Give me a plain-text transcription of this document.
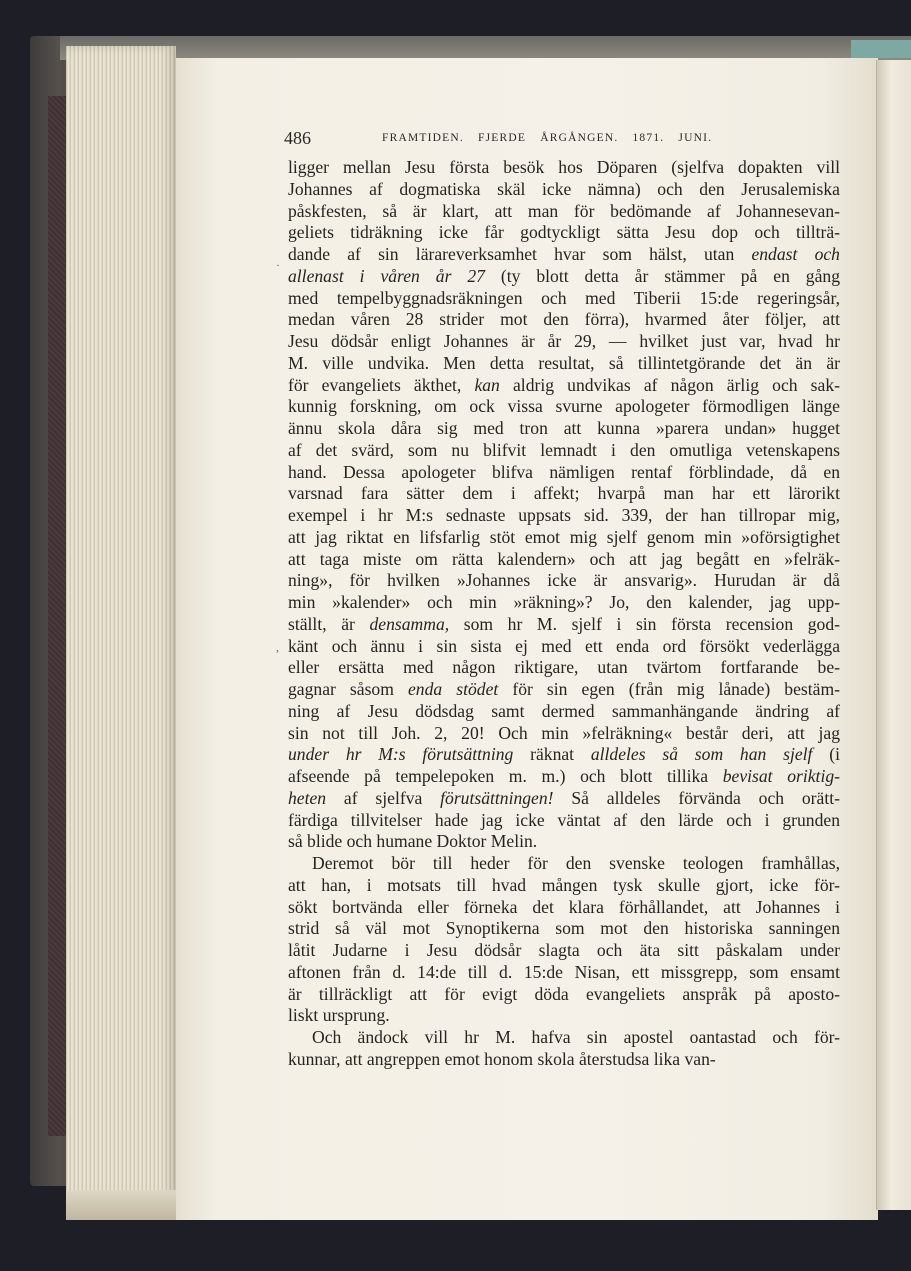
486	FRAMTIDEN. FJERDE ÅRGÅNGEN. 1871. JUNI.
ligger mellan Jesu första besök hos Döparen (sjelfva dopakten vill
Johannes af dogmatiska skäl icke nämna) och den Jerusalemiska
påskfesten, så är klart, att man för bedömande af Johannesevan-
geliets tidräkning icke får godtyckligt sätta Jesu dop och tillträ-
dande af sin lärareverksamhet hvar som hälst, utan endast och
allenast i våren år 27 (ty blott detta år stämmer på en gång
med tempelbyggnadsräkningen och med Tiberii 15:de regeringsår,
medan våren 28 strider mot den förra), hvarmed åter följer, att
Jesu dödsår enligt Johannes är år 29, — hvilket just var, hvad hr
M. ville undvika. Men detta resultat, så tillintetgörande det än är
för evangeliets äkthet, kan aldrig undvikas af någon ärlig och sak-
kunnig forskning, om ock vissa svurne apologeter förmodligen länge
ännu skola dåra sig med tron att kunna »parera undan» hugget
af det svärd, som nu blifvit lemnadt i den omutliga vetenskapens
hand. Dessa apologeter blifva nämligen rentaf förblindade, då en
varsnad fara sätter dem i affekt; hvarpå man har ett lärorikt
exempel i hr M:s sednaste uppsats sid. 339, der han tillropar mig,
att jag riktat en lifsfarlig stöt emot mig sjelf genom min »oförsigtighet
att taga miste om rätta kalendern» och att jag begått en »felräk-
ning», för hvilken »Johannes icke är ansvarig». Hurudan är då
min »kalender» och min »räkning»? Jo, den kalender, jag upp-
ställt, är densamma, som hr M. sjelf i sin första recension god-
känt och ännu i sin sista ej med ett enda ord försökt vederlägga
eller ersätta med någon riktigare, utan tvärtom fortfarande be-
gagnar såsom enda stödet för sin egen (från mig lånade) bestäm-
ning af Jesu dödsdag samt dermed sammanhängande ändring af
sin not till Joh. 2, 20! Och min »felräkning« består deri, att jag
under hr M:s förutsättning räknat alldeles så som han sjelf (i
afseende på tempelepoken m. m.) och blott tillika bevisat oriktig-
heten af sjelfva förutsättningen! Så alldeles förvända och orätt-
färdiga tillvitelser hade jag icke väntat af den lärde och i grunden
så blide och humane Doktor Melin.
Deremot bör till heder för den svenske teologen framhållas,
att han, i motsats till hvad mången tysk skulle gjort, icke för-
sökt bortvända eller förneka det klara förhållandet, att Johannes i
strid så väl mot Synoptikerna som mot den historiska sanningen
låtit Judarne i Jesu dödsår slagta och äta sitt påskalam under
aftonen från d. 14:de till d. 15:de Nisan, ett missgrepp, som ensamt
är tillräckligt att för evigt döda evangeliets anspråk på aposto-
liskt ursprung.
Och ändock vill hr M. hafva sin apostel oantastad och för-
kunnar, att angreppen emot honom skola återstudsa lika van-
·
,
